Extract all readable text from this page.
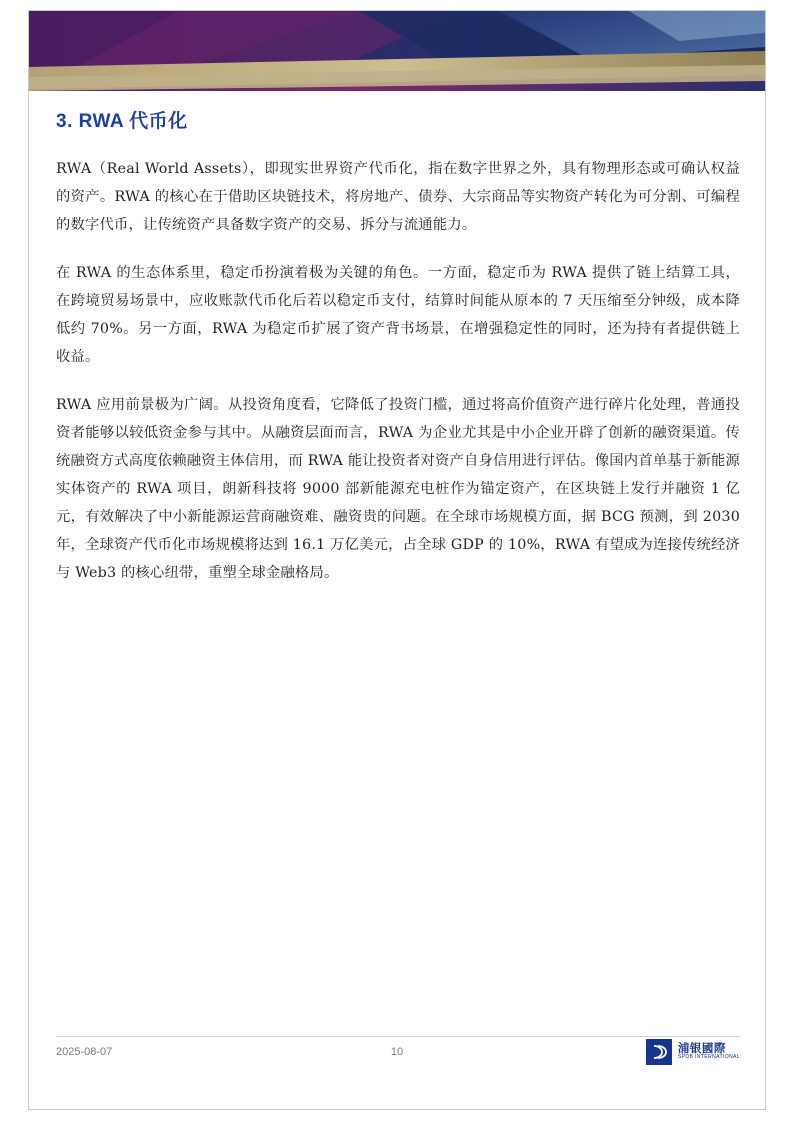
3. RWA 代币化

RWA（Real World Assets），即现实世界资产代币化，指在数字世界之外，具有物理形态或可确认权益的资产。RWA 的核心在于借助区块链技术，将房地产、债券、大宗商品等实物资产转化为可分割、可编程的数字代币，让传统资产具备数字资产的交易、拆分与流通能力。

在 RWA 的生态体系里，稳定币扮演着极为关键的角色。一方面，稳定币为 RWA 提供了链上结算工具，在跨境贸易场景中，应收账款代币化后若以稳定币支付，结算时间能从原本的 7 天压缩至分钟级，成本降低约 70%。另一方面，RWA 为稳定币扩展了资产背书场景，在增强稳定性的同时，还为持有者提供链上收益。

RWA 应用前景极为广阔。从投资角度看，它降低了投资门槛，通过将高价值资产进行碎片化处理，普通投资者能够以较低资金参与其中。从融资层面而言，RWA 为企业尤其是中小企业开辟了创新的融资渠道。传统融资方式高度依赖融资主体信用，而 RWA 能让投资者对资产自身信用进行评估。像国内首单基于新能源实体资产的 RWA 项目，朗新科技将 9000 部新能源充电桩作为锚定资产，在区块链上发行并融资 1 亿元，有效解决了中小新能源运营商融资难、融资贵的问题。在全球市场规模方面，据 BCG 预测，到 2030 年，全球资产代币化市场规模将达到 16.1 万亿美元，占全球 GDP 的 10%，RWA 有望成为连接传统经济与 Web3 的核心纽带，重塑全球金融格局。

2025-08-07	10	浦银國際
SPDB INTERNATIONAL
